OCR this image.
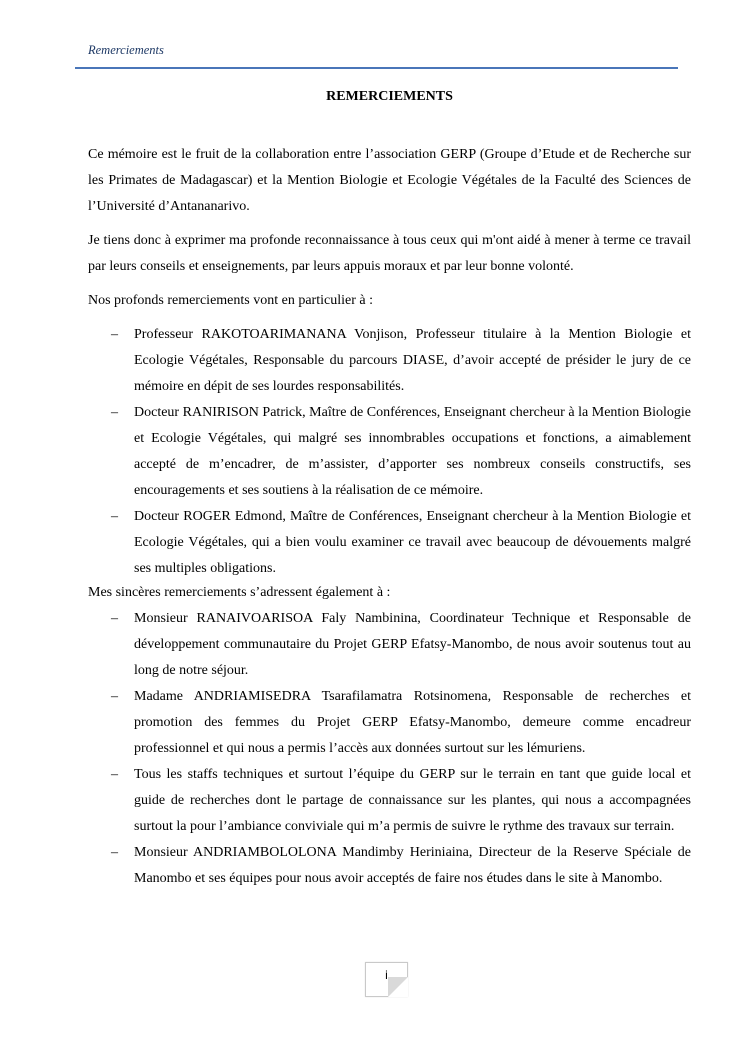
Remerciements
REMERCIEMENTS

Ce mémoire est le fruit de la collaboration entre l’association GERP (Groupe d’Etude et de Recherche sur les Primates de Madagascar) et la Mention Biologie et Ecologie Végétales de la Faculté des Sciences de l’Université d’Antananarivo.

Je tiens donc à exprimer ma profonde reconnaissance à tous ceux qui m'ont aidé à mener à terme ce travail par leurs conseils et enseignements, par leurs appuis moraux et par leur bonne volonté.

Nos profonds remerciements vont en particulier à :

– Professeur RAKOTOARIMANANA Vonjison, Professeur titulaire à la Mention Biologie et Ecologie Végétales, Responsable du parcours DIASE, d’avoir accepté de présider le jury de ce mémoire en dépit de ses lourdes responsabilités.
– Docteur RANIRISON Patrick, Maître de Conférences, Enseignant chercheur à la Mention Biologie et Ecologie Végétales, qui malgré ses innombrables occupations et fonctions, a aimablement accepté de m’encadrer, de m’assister, d’apporter ses nombreux conseils constructifs, ses encouragements et ses soutiens à la réalisation de ce mémoire.
– Docteur ROGER Edmond, Maître de Conférences, Enseignant chercheur à la Mention Biologie et Ecologie Végétales, qui a bien voulu examiner ce travail avec beaucoup de dévouements malgré ses multiples obligations.

Mes sincères remerciements s’adressent également à :

– Monsieur RANAIVOARISOA Faly Nambinina, Coordinateur Technique et Responsable de développement communautaire du Projet GERP Efatsy-Manombo, de nous avoir soutenus tout au long de notre séjour.
– Madame ANDRIAMISEDRA Tsarafilamatra Rotsinomena, Responsable de recherches et promotion des femmes du Projet GERP Efatsy-Manombo, demeure comme encadreur professionnel et qui nous a permis l’accès aux données surtout sur les lémuriens.
– Tous les staffs techniques et surtout l’équipe du GERP sur le terrain en tant que guide local et guide de recherches dont le partage de connaissance sur les plantes, qui nous a accompagnées surtout la pour l’ambiance conviviale qui m’a permis de suivre le rythme des travaux sur terrain.
– Monsieur ANDRIAMBOLOLONA Mandimby Heriniaina, Directeur de la Reserve Spéciale de Manombo et ses équipes pour nous avoir acceptés de faire nos études dans le site à Manombo.
i
